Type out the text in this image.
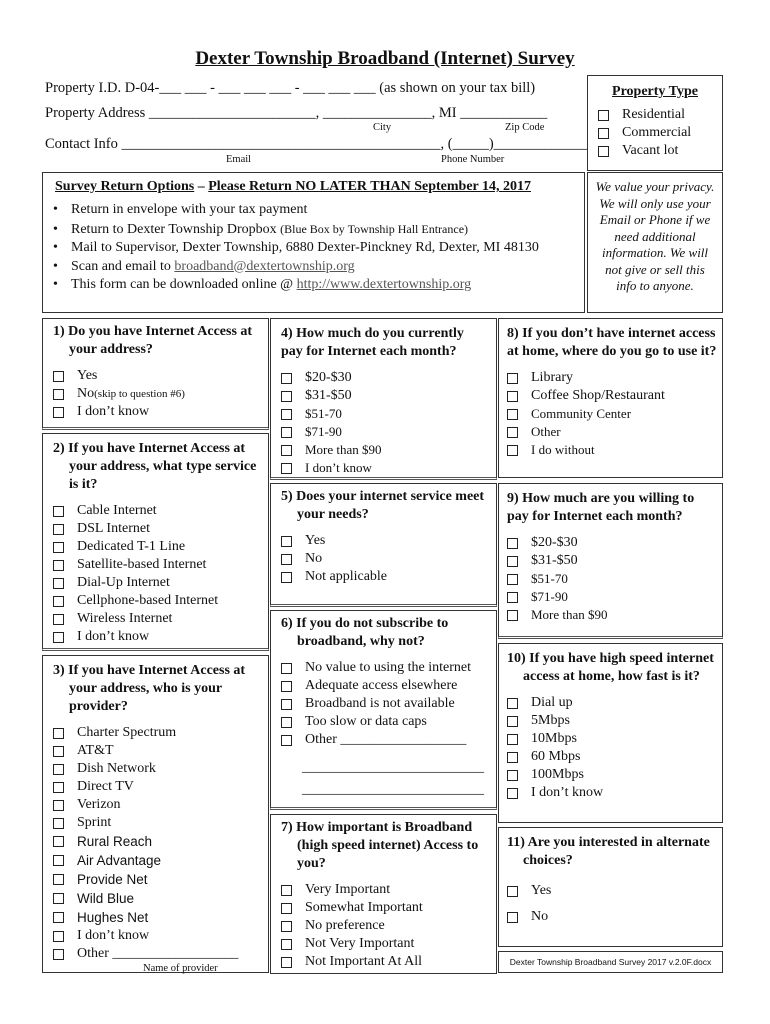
Dexter Township Broadband (Internet) Survey
Property I.D. D-04-___ ___ - ___ ___ ___ - ___ ___ ___ (as shown on your tax bill)
Property Address _______________________, _______________, MI ____________
City	Zip Code
Contact Info ____________________________________________, (_____)_____________
Email	Phone Number
Property Type
Residential
Commercial
Vacant lot
Survey Return Options – Please Return NO LATER THAN September 14, 2017
• Return in envelope with your tax payment
• Return to Dexter Township Dropbox (Blue Box by Township Hall Entrance)
• Mail to Supervisor, Dexter Township, 6880 Dexter-Pinckney Rd, Dexter, MI 48130
• Scan and email to broadband@dextertownship.org
• This form can be downloaded online @ http://www.dextertownship.org
We value your privacy. We will only use your Email or Phone if we need additional information. We will not give or sell this info to anyone.
1) Do you have Internet Access at your address?
Yes
No (skip to question #6)
I don’t know
2) If you have Internet Access at your address, what type service is it?
Cable Internet
DSL Internet
Dedicated T-1 Line
Satellite-based Internet
Dial-Up Internet
Cellphone-based Internet
Wireless Internet
I don’t know
3) If you have Internet Access at your address, who is your provider?
Charter Spectrum
AT&T
Dish Network
Direct TV
Verizon
Sprint
Rural Reach
Air Advantage
Provide Net
Wild Blue
Hughes Net
I don’t know
Other __________________
Name of provider
4) How much do you currently pay for Internet each month?
$20-$30
$31-$50
$51-70
$71-90
More than $90
I don’t know
5) Does your internet service meet your needs?
Yes
No
Not applicable
6) If you do not subscribe to broadband, why not?
No value to using the internet
Adequate access elsewhere
Broadband is not available
Too slow or data caps
Other __________________
__________________________
__________________________
7) How important is Broadband (high speed internet) Access to you?
Very Important
Somewhat Important
No preference
Not Very Important
Not Important At All
8) If you don’t have internet access at home, where do you go to use it?
Library
Coffee Shop/Restaurant
Community Center
Other
I do without
9) How much are you willing to pay for Internet each month?
$20-$30
$31-$50
$51-70
$71-90
More than $90
10) If you have high speed internet access at home, how fast is it?
Dial up
5Mbps
10Mbps
60 Mbps
100Mbps
I don’t know
11) Are you interested in alternate choices?
Yes
No
Dexter Township Broadband Survey 2017 v.2.0F.docx
